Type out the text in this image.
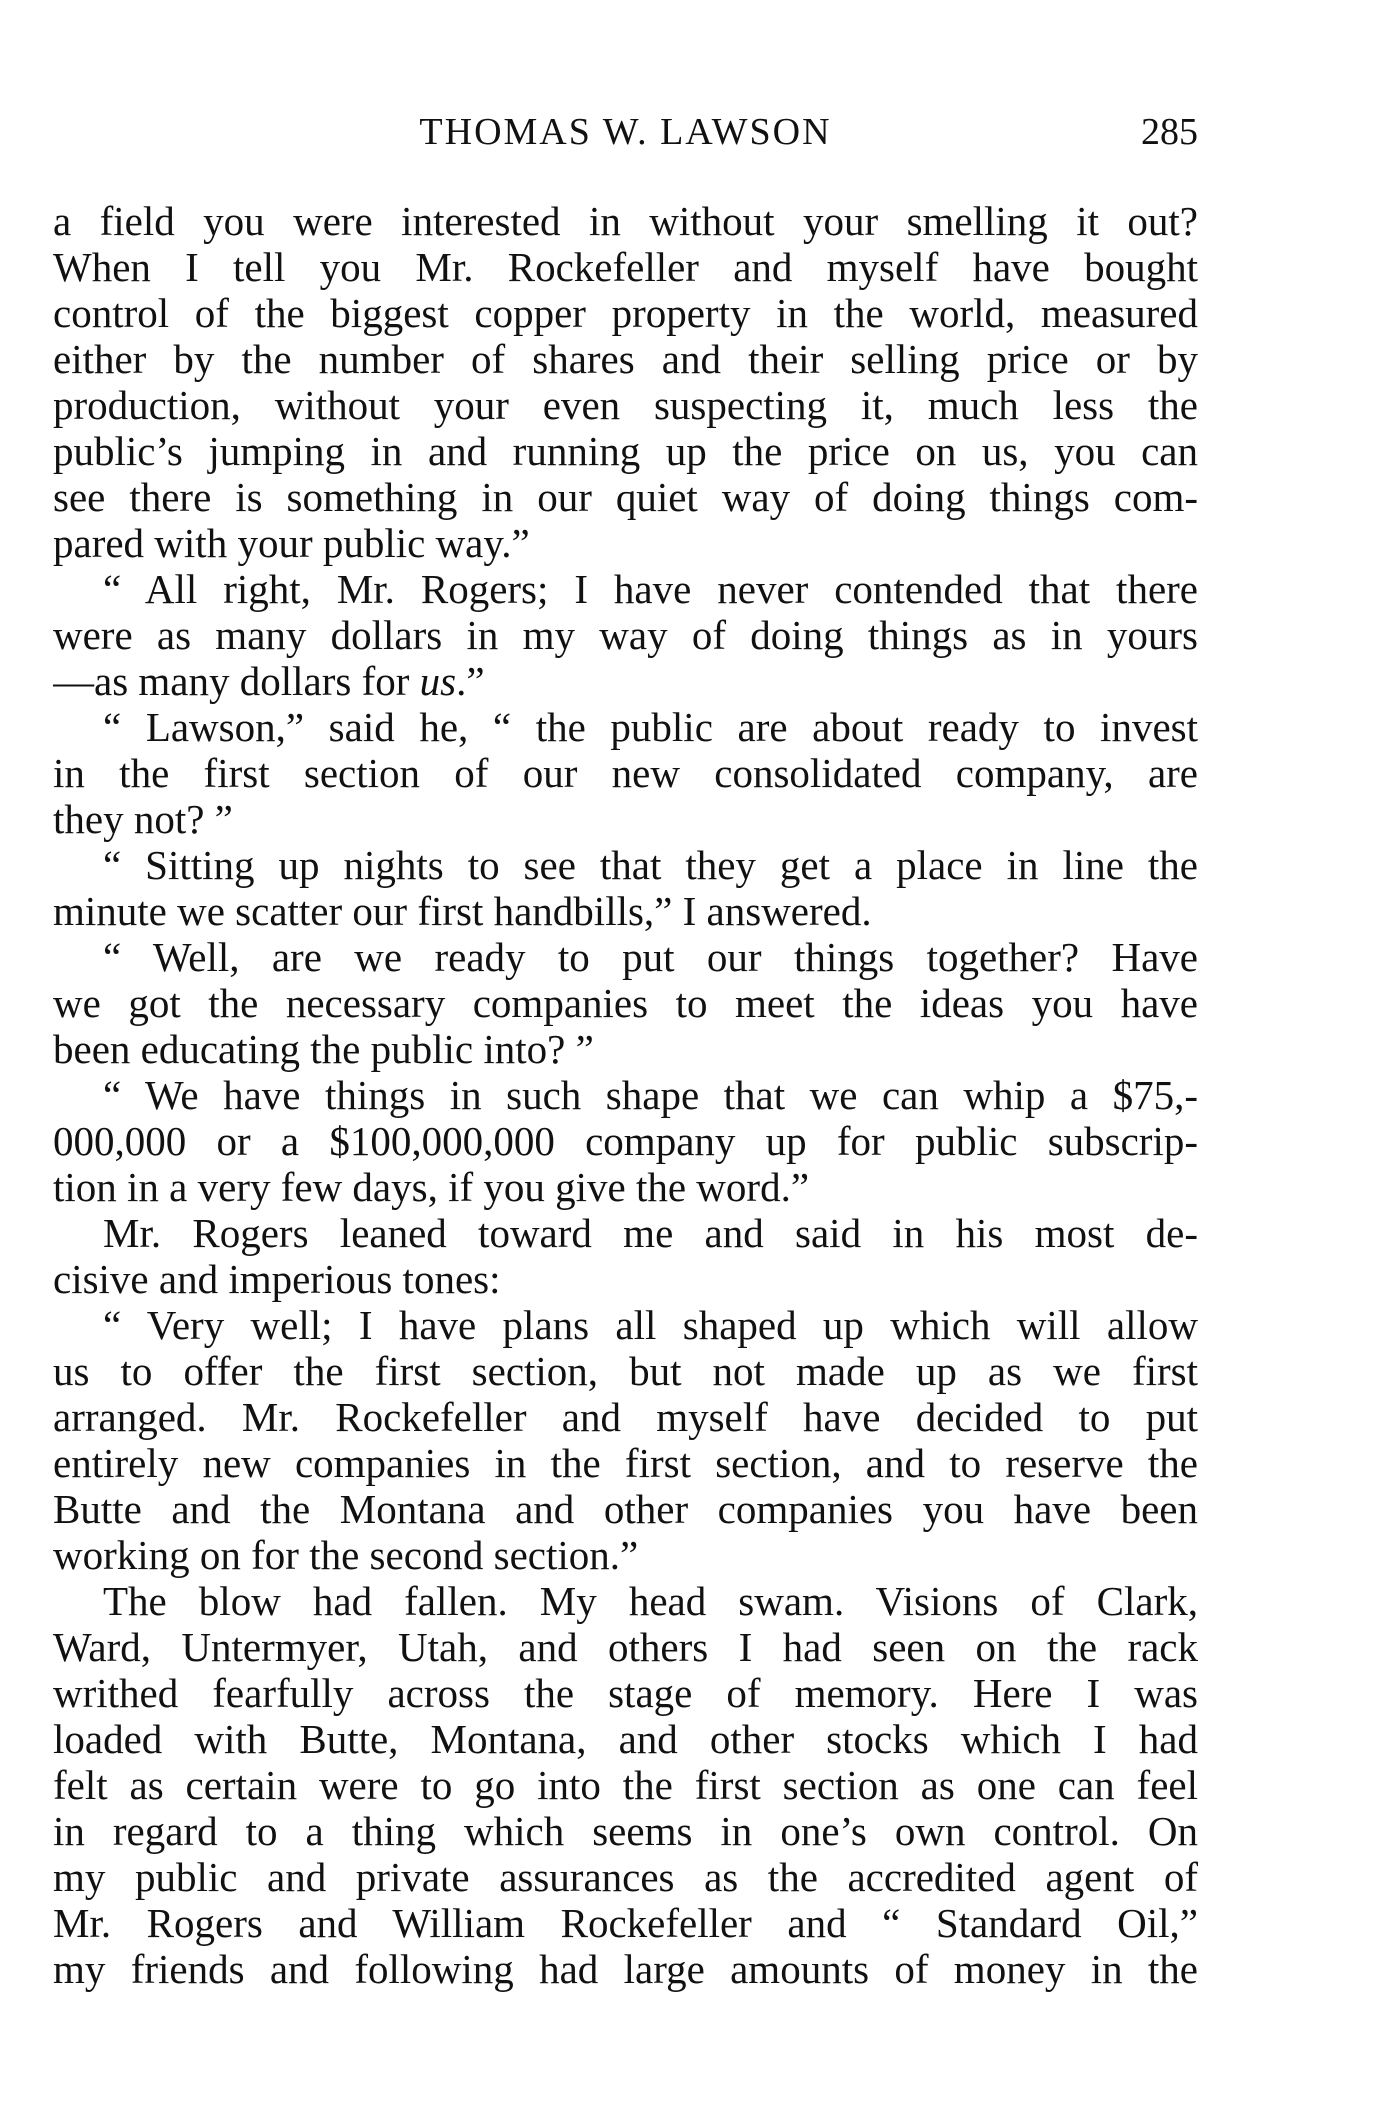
THOMAS W. LAWSON	285
a field you were interested in without your smelling it out?
When I tell you Mr. Rockefeller and myself have bought
control of the biggest copper property in the world, measured
either by the number of shares and their selling price or by
production, without your even suspecting it, much less the
public’s jumping in and running up the price on us, you can
see there is something in our quiet way of doing things com-
pared with your public way.”
“ All right, Mr. Rogers; I have never contended that there
were as many dollars in my way of doing things as in yours
—as many dollars for us.”
“ Lawson,” said he, “ the public are about ready to invest
in the first section of our new consolidated company, are
they not? ”
“ Sitting up nights to see that they get a place in line the
minute we scatter our first handbills,” I answered.
“ Well, are we ready to put our things together? Have
we got the necessary companies to meet the ideas you have
been educating the public into? ”
“ We have things in such shape that we can whip a $75,-
000,000 or a $100,000,000 company up for public subscrip-
tion in a very few days, if you give the word.”
Mr. Rogers leaned toward me and said in his most de-
cisive and imperious tones:
“ Very well; I have plans all shaped up which will allow
us to offer the first section, but not made up as we first
arranged. Mr. Rockefeller and myself have decided to put
entirely new companies in the first section, and to reserve the
Butte and the Montana and other companies you have been
working on for the second section.”
The blow had fallen. My head swam. Visions of Clark,
Ward, Untermyer, Utah, and others I had seen on the rack
writhed fearfully across the stage of memory. Here I was
loaded with Butte, Montana, and other stocks which I had
felt as certain were to go into the first section as one can feel
in regard to a thing which seems in one’s own control. On
my public and private assurances as the accredited agent of
Mr. Rogers and William Rockefeller and “ Standard Oil,”
my friends and following had large amounts of money in the
